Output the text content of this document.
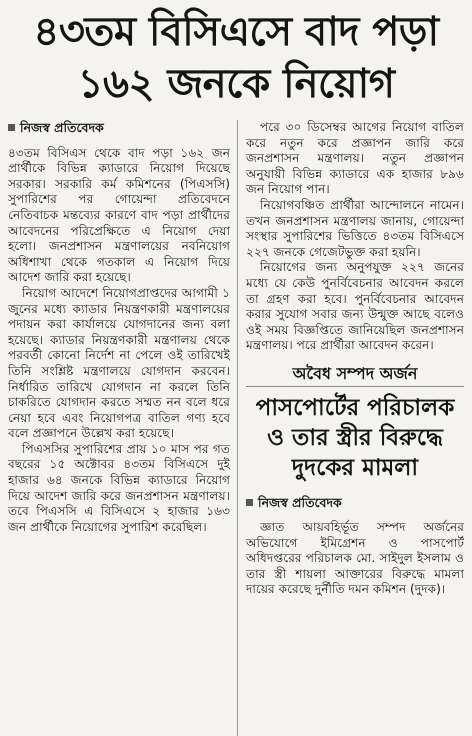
৪৩তম বিসিএসে বাদ পড়া
১৬২ জনকে নিয়োগ
নিজস্ব প্রতিবেদক

৪৩তম বিসিএস থেকে বাদ পড়া ১৬২ জন প্রার্থীকে বিভিন্ন ক্যাডারে নিয়োগ দিয়েছে সরকার। সরকারি কর্ম কমিশনের (পিএসসি) সুপারিশের পর গোয়েন্দা প্রতিবেদনে নেতিবাচক মন্তব্যের কারণে বাদ পড়া প্রার্থীদের আবেদনের পরিপ্রেক্ষিতে এ নিয়োগ দেয়া হলো। জনপ্রশাসন মন্ত্রণালয়ের নবনিয়োগ অধিশাখা থেকে গতকাল এ নিয়োগ দিয়ে আদেশ জারি করা হয়েছে।

নিয়োগ আদেশে নিয়োগপ্রাপ্তদের আগামী ১ জুনের মধ্যে ক্যাডার নিয়ন্ত্রণকারী মন্ত্রণালয়ের পদায়ন করা কার্যালয়ে যোগদানের জন্য বলা হয়েছে। ক্যাডার নিয়ন্ত্রণকারী মন্ত্রণালয় থেকে পরবর্তী কোনো নির্দেশ না পেলে ওই তারিখেই তিনি সংশ্লিষ্ট মন্ত্রণালয়ে যোগদান করবেন। নির্ধারিত তারিখে যোগদান না করলে তিনি চাকরিতে যোগদান করতে সম্মত নন বলে ধরে নেয়া হবে এবং নিয়োগপত্র বাতিল গণ্য হবে বলে প্রজ্ঞাপনে উল্লেখ করা হয়েছে।

পিএসসির সুপারিশের প্রায় ১০ মাস পর গত বছরের ১৫ অক্টোবর ৪৩তম বিসিএসে দুই হাজার ৬৪ জনকে বিভিন্ন ক্যাডারে নিয়োগ দিয়ে আদেশ জারি করে জনপ্রশাসন মন্ত্রণালয়। তবে পিএসসি এ বিসিএসে ২ হাজার ১৬৩ জন প্রার্থীকে নিয়োগের সুপারিশ করেছিল।

পরে ৩০ ডিসেম্বর আগের নিয়োগ বাতিল করে নতুন করে প্রজ্ঞাপন জারি করে জনপ্রশাসন মন্ত্রণালয়। নতুন প্রজ্ঞাপন অনুযায়ী বিভিন্ন ক্যাডারে এক হাজার ৮৯৬ জন নিয়োগ পান।

নিয়োগবঞ্চিত প্রার্থীরা আন্দোলনে নামেন। তখন জনপ্রশাসন মন্ত্রণালয় জানায়, গোয়েন্দা সংস্থার সুপারিশের ভিত্তিতে ৪৩তম বিসিএসে ২২৭ জনকে গেজেটভুক্ত করা হয়নি।

নিয়োগের জন্য অনুপযুক্ত ২২৭ জনের মধ্যে যে কেউ পুনর্বিবেচনার আবেদন করলে তা গ্রহণ করা হবে। পুনর্বিবেচনার আবেদন করার সুযোগ সবার জন্য উন্মুক্ত আছে বলেও ওই সময় বিজ্ঞপ্তিতে জানিয়েছিল জনপ্রশাসন মন্ত্রণালয়। পরে প্রার্থীরা আবেদন করেন।

অবৈধ সম্পদ অর্জন
পাসপোর্টের পরিচালক ও তার স্ত্রীর বিরুদ্ধে দুদকের মামলা
নিজস্ব প্রতিবেদক

জ্ঞাত আয়বহির্ভূত সম্পদ অর্জনের অভিযোগে ইমিগ্রেশন ও পাসপোর্ট অধিদপ্তরের পরিচালক মো. সাইদুল ইসলাম ও তার স্ত্রী শায়লা আক্তারের বিরুদ্ধে মামলা দায়ের করেছে দুর্নীতি দমন কমিশন (দুদক)।
